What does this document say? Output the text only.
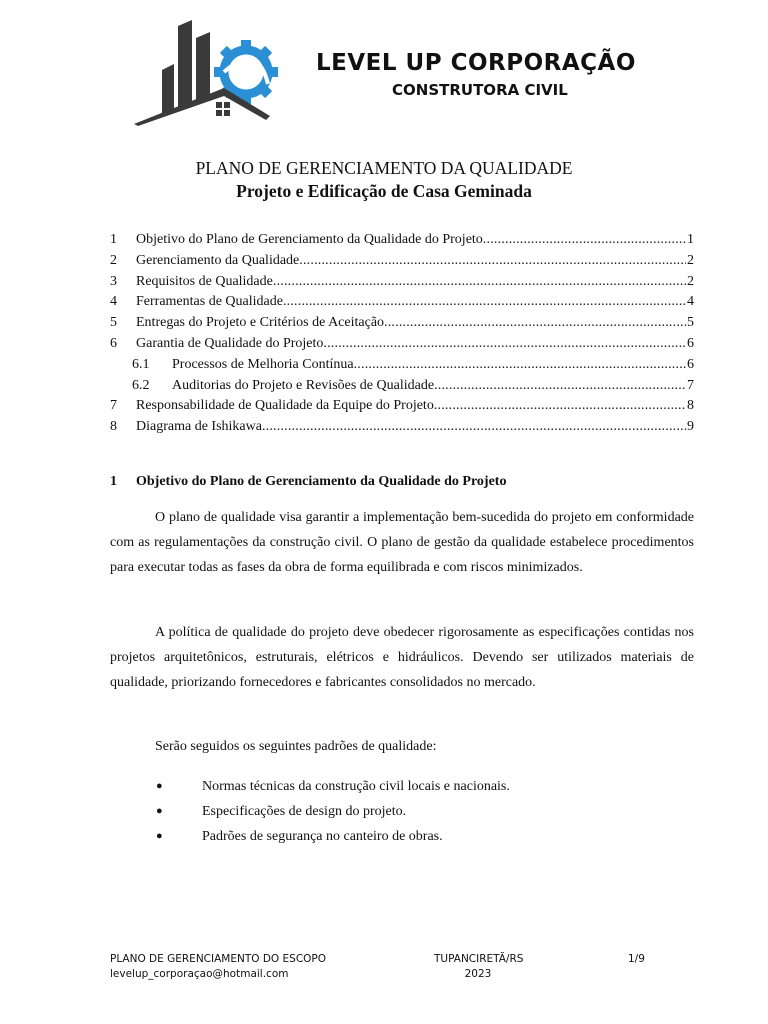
LEVEL UP CORPORAÇÃO
CONSTRUTORA CIVIL
PLANO DE GERENCIAMENTO DA QUALIDADE
Projeto e Edificação de Casa Geminada
1	Objetivo do Plano de Gerenciamento da Qualidade do Projeto .....	1
2	Gerenciamento da Qualidade .....	2
3	Requisitos de Qualidade .....	2
4	Ferramentas de Qualidade .....	4
5	Entregas do Projeto e Critérios de Aceitação .....	5
6	Garantia de Qualidade do Projeto .....	6
6.1	Processos de Melhoria Contínua .....	6
6.2	Auditorias do Projeto e Revisões de Qualidade .....	7
7	Responsabilidade de Qualidade da Equipe do Projeto .....	8
8	Diagrama de Ishikawa .....	9
1 Objetivo do Plano de Gerenciamento da Qualidade do Projeto

O plano de qualidade visa garantir a implementação bem-sucedida do projeto em conformidade com as regulamentações da construção civil. O plano de gestão da qualidade estabelece procedimentos para executar todas as fases da obra de forma equilibrada e com riscos minimizados.

A política de qualidade do projeto deve obedecer rigorosamente as especificações contidas nos projetos arquitetônicos, estruturais, elétricos e hidráulicos. Devendo ser utilizados materiais de qualidade, priorizando fornecedores e fabricantes consolidados no mercado.

Serão seguidos os seguintes padrões de qualidade:

●	Normas técnicas da construção civil locais e nacionais.
●	Especificações de design do projeto.
●	Padrões de segurança no canteiro de obras.
PLANO DE GERENCIAMENTO DO ESCOPO
levelup_corporaçao@hotmail.com
TUPANCIRETÃ/RS
2023
1/9
